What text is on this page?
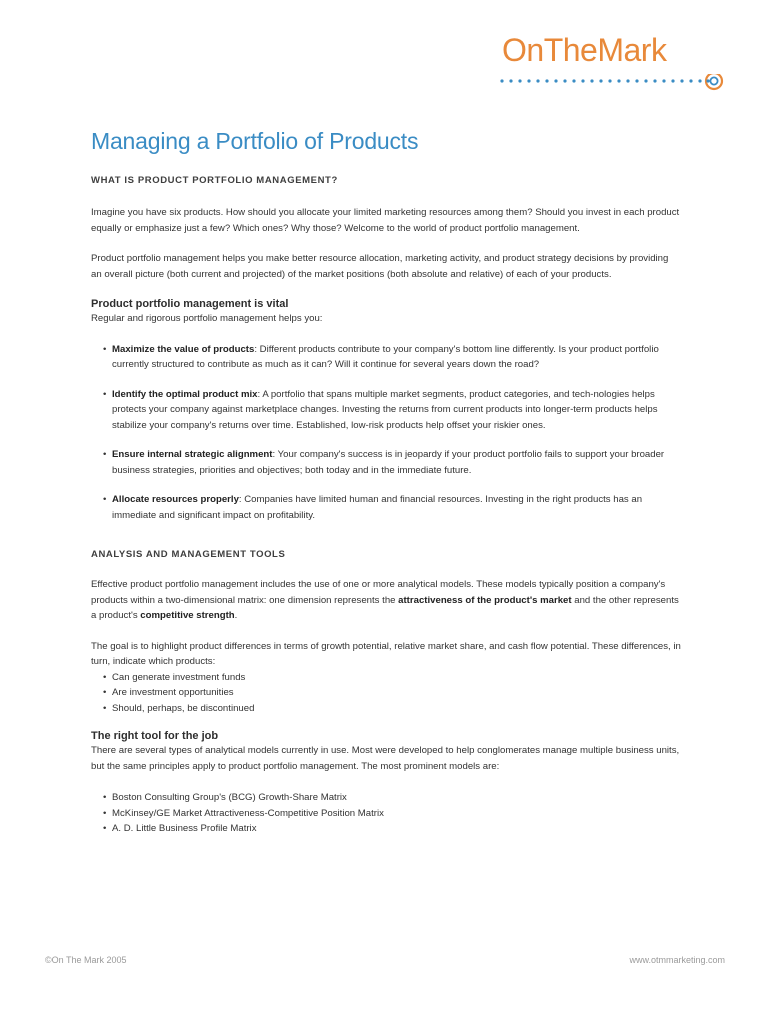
OnTheMark
Managing a Portfolio of Products
WHAT IS PRODUCT PORTFOLIO MANAGEMENT?

Imagine you have six products. How should you allocate your limited marketing resources among them? Should you invest in each product equally or emphasize just a few? Which ones? Why those? Welcome to the world of product portfolio management.

Product portfolio management helps you make better resource allocation, marketing activity, and product strategy decisions by providing an overall picture (both current and projected) of the market positions (both absolute and relative) of each of your products.

Product portfolio management is vital

Regular and rigorous portfolio management helps you:

• Maximize the value of products: Different products contribute to your company's bottom line differently. Is your product portfolio currently structured to contribute as much as it can? Will it continue for several years down the road?
• Identify the optimal product mix: A portfolio that spans multiple market segments, product categories, and tech-nologies helps protects your company against marketplace changes. Investing the returns from current products into longer-term products helps stabilize your company's returns over time. Established, low-risk products help offset your riskier ones.
• Ensure internal strategic alignment: Your company's success is in jeopardy if your product portfolio fails to support your broader business strategies, priorities and objectives; both today and in the immediate future.
• Allocate resources properly: Companies have limited human and financial resources. Investing in the right products has an immediate and significant impact on profitability.
ANALYSIS AND MANAGEMENT TOOLS

Effective product portfolio management includes the use of one or more analytical models. These models typically position a company's products within a two-dimensional matrix: one dimension represents the attractiveness of the product's market and the other represents a product's competitive strength.

The goal is to highlight product differences in terms of growth potential, relative market share, and cash flow potential. These differences, in turn, indicate which products:

• Can generate investment funds
• Are investment opportunities
• Should, perhaps, be discontinued
The right tool for the job

There are several types of analytical models currently in use. Most were developed to help conglomerates manage multiple business units, but the same principles apply to product portfolio management. The most prominent models are:

• Boston Consulting Group's (BCG) Growth-Share Matrix
• McKinsey/GE Market Attractiveness-Competitive Position Matrix
• A. D. Little Business Profile Matrix
©On The Mark 2005	www.otmmarketing.com
